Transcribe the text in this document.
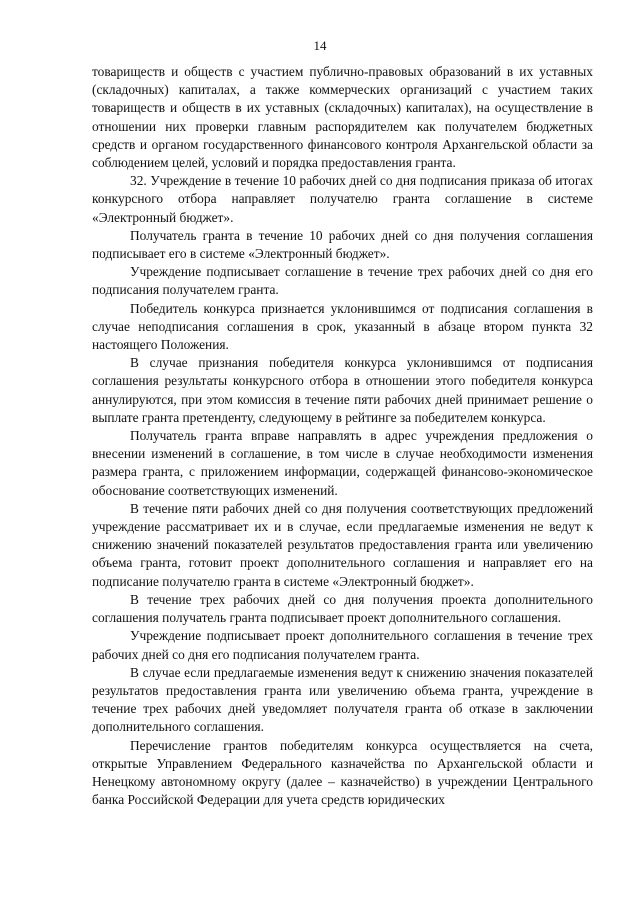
14

товариществ и обществ с участием публично-правовых образований в их уставных (складочных) капиталах, а также коммерческих организаций с участием таких товариществ и обществ в их уставных (складочных) капиталах), на осуществление в отношении них проверки главным распорядителем как получателем бюджетных средств и органом государственного финансового контроля Архангельской области за соблюдением целей, условий и порядка предоставления гранта.

32. Учреждение в течение 10 рабочих дней со дня подписания приказа об итогах конкурсного отбора направляет получателю гранта соглашение в системе «Электронный бюджет».

Получатель гранта в течение 10 рабочих дней со дня получения соглашения подписывает его в системе «Электронный бюджет».

Учреждение подписывает соглашение в течение трех рабочих дней со дня его подписания получателем гранта.

Победитель конкурса признается уклонившимся от подписания соглашения в случае неподписания соглашения в срок, указанный в абзаце втором пункта 32 настоящего Положения.

В случае признания победителя конкурса уклонившимся от подписания соглашения результаты конкурсного отбора в отношении этого победителя конкурса аннулируются, при этом комиссия в течение пяти рабочих дней принимает решение о выплате гранта претенденту, следующему в рейтинге за победителем конкурса.

Получатель гранта вправе направлять в адрес учреждения предложения о внесении изменений в соглашение, в том числе в случае необходимости изменения размера гранта, с приложением информации, содержащей финансово-экономическое обоснование соответствующих изменений.

В течение пяти рабочих дней со дня получения соответствующих предложений учреждение рассматривает их и в случае, если предлагаемые изменения не ведут к снижению значений показателей результатов предоставления гранта или увеличению объема гранта, готовит проект дополнительного соглашения и направляет его на подписание получателю гранта в системе «Электронный бюджет».

В течение трех рабочих дней со дня получения проекта дополнительного соглашения получатель гранта подписывает проект дополнительного соглашения.

Учреждение подписывает проект дополнительного соглашения в течение трех рабочих дней со дня его подписания получателем гранта.

В случае если предлагаемые изменения ведут к снижению значения показателей результатов предоставления гранта или увеличению объема гранта, учреждение в течение трех рабочих дней уведомляет получателя гранта об отказе в заключении дополнительного соглашения.

Перечисление грантов победителям конкурса осуществляется на счета, открытые Управлением Федерального казначейства по Архангельской области и Ненецкому автономному округу (далее – казначейство) в учреждении Центрального банка Российской Федерации для учета средств юридических
